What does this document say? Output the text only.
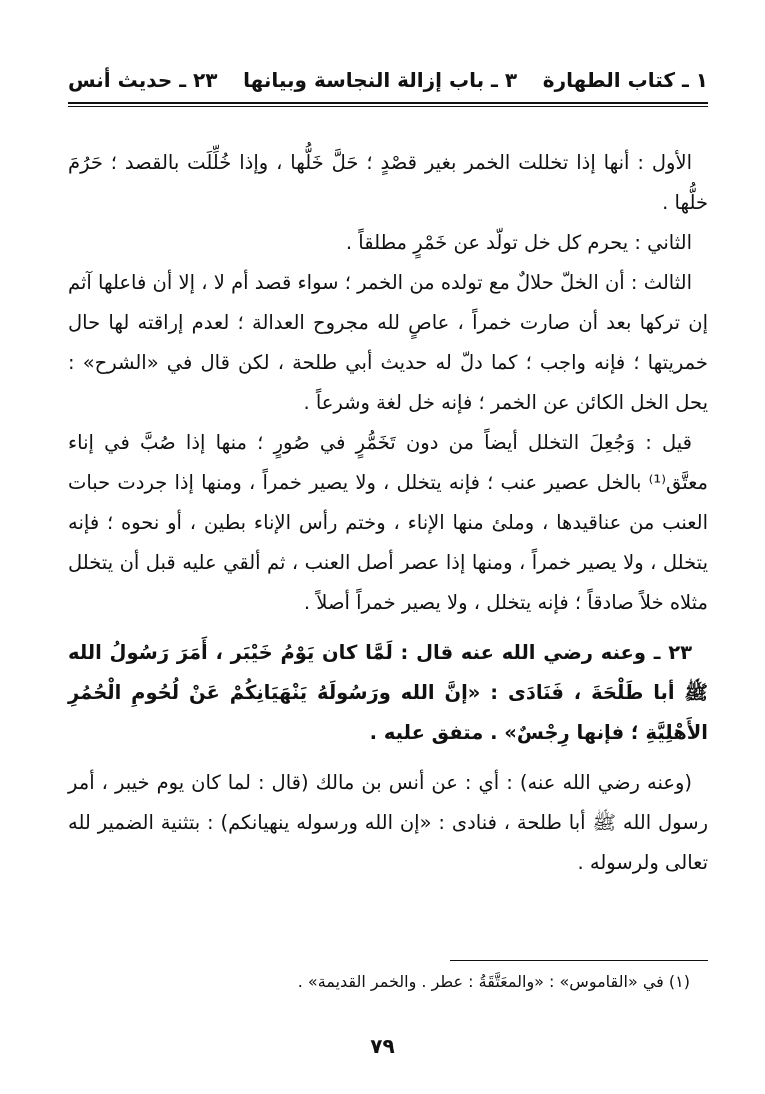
١ ـ كتاب الطهارة
٣ ـ باب إزالة النجاسة وبيانها
٢٣ ـ حديث أنس

الأول : أنها إذا تخللت الخمر بغير قصْدٍ ؛ حَلَّ خَلُّها ، وإذا خُلِّلَت بالقصد ؛ حَرُمَ خلُّها .

الثاني : يحرم كل خل تولّد عن خَمْرٍ مطلقاً .

الثالث : أن الخلّ حلالٌ مع تولده من الخمر ؛ سواء قصد أم لا ، إلا أن فاعلها آثم إن تركها بعد أن صارت خمراً ، عاصٍ لله مجروح العدالة ؛ لعدم إراقته لها حال خمريتها ؛ فإنه واجب ؛ كما دلّ له حديث أبي طلحة ، لكن قال في «الشرح» : يحل الخل الكائن عن الخمر ؛ فإنه خل لغة وشرعاً .

قيل : وَجُعِلَ التخلل أيضاً من دون تَخَمُّرٍ في صُورٍ ؛ منها إذا صُبَّ في إناء معتَّق⁽¹⁾ بالخل عصير عنب ؛ فإنه يتخلل ، ولا يصير خمراً ، ومنها إذا جردت حبات العنب من عناقيدها ، وملئ منها الإناء ، وختم رأس الإناء بطين ، أو نحوه ؛ فإنه يتخلل ، ولا يصير خمراً ، ومنها إذا عصر أصل العنب ، ثم ألقي عليه قبل أن يتخلل مثلاه خلاً صادقاً ؛ فإنه يتخلل ، ولا يصير خمراً أصلاً .

٢٣ ـ وعنه رضي الله عنه قال : لَمَّا كان يَوْمُ خَيْبَر ، أَمَرَ رَسُولُ الله ﷺ أبا طَلْحَةَ ، فَنَادَى : «إنَّ الله ورَسُولَهُ يَنْهَيَانِكُمْ عَنْ لُحُومِ الْحُمُرِ الأَهْلِيَّةِ ؛ فإنها رِجْسٌ» . متفق عليه .

(وعنه رضي الله عنه) : أي : عن أنس بن مالك (قال : لما كان يوم خيبر ، أمر رسول الله ﷺ أبا طلحة ، فنادى : «إن الله ورسوله ينهيانكم) : بتثنية الضمير لله تعالى ولرسوله .

(١) في «القاموس» : «والمعَتَّقَةُ : عطر . والخمر القديمة» .
٧٩
